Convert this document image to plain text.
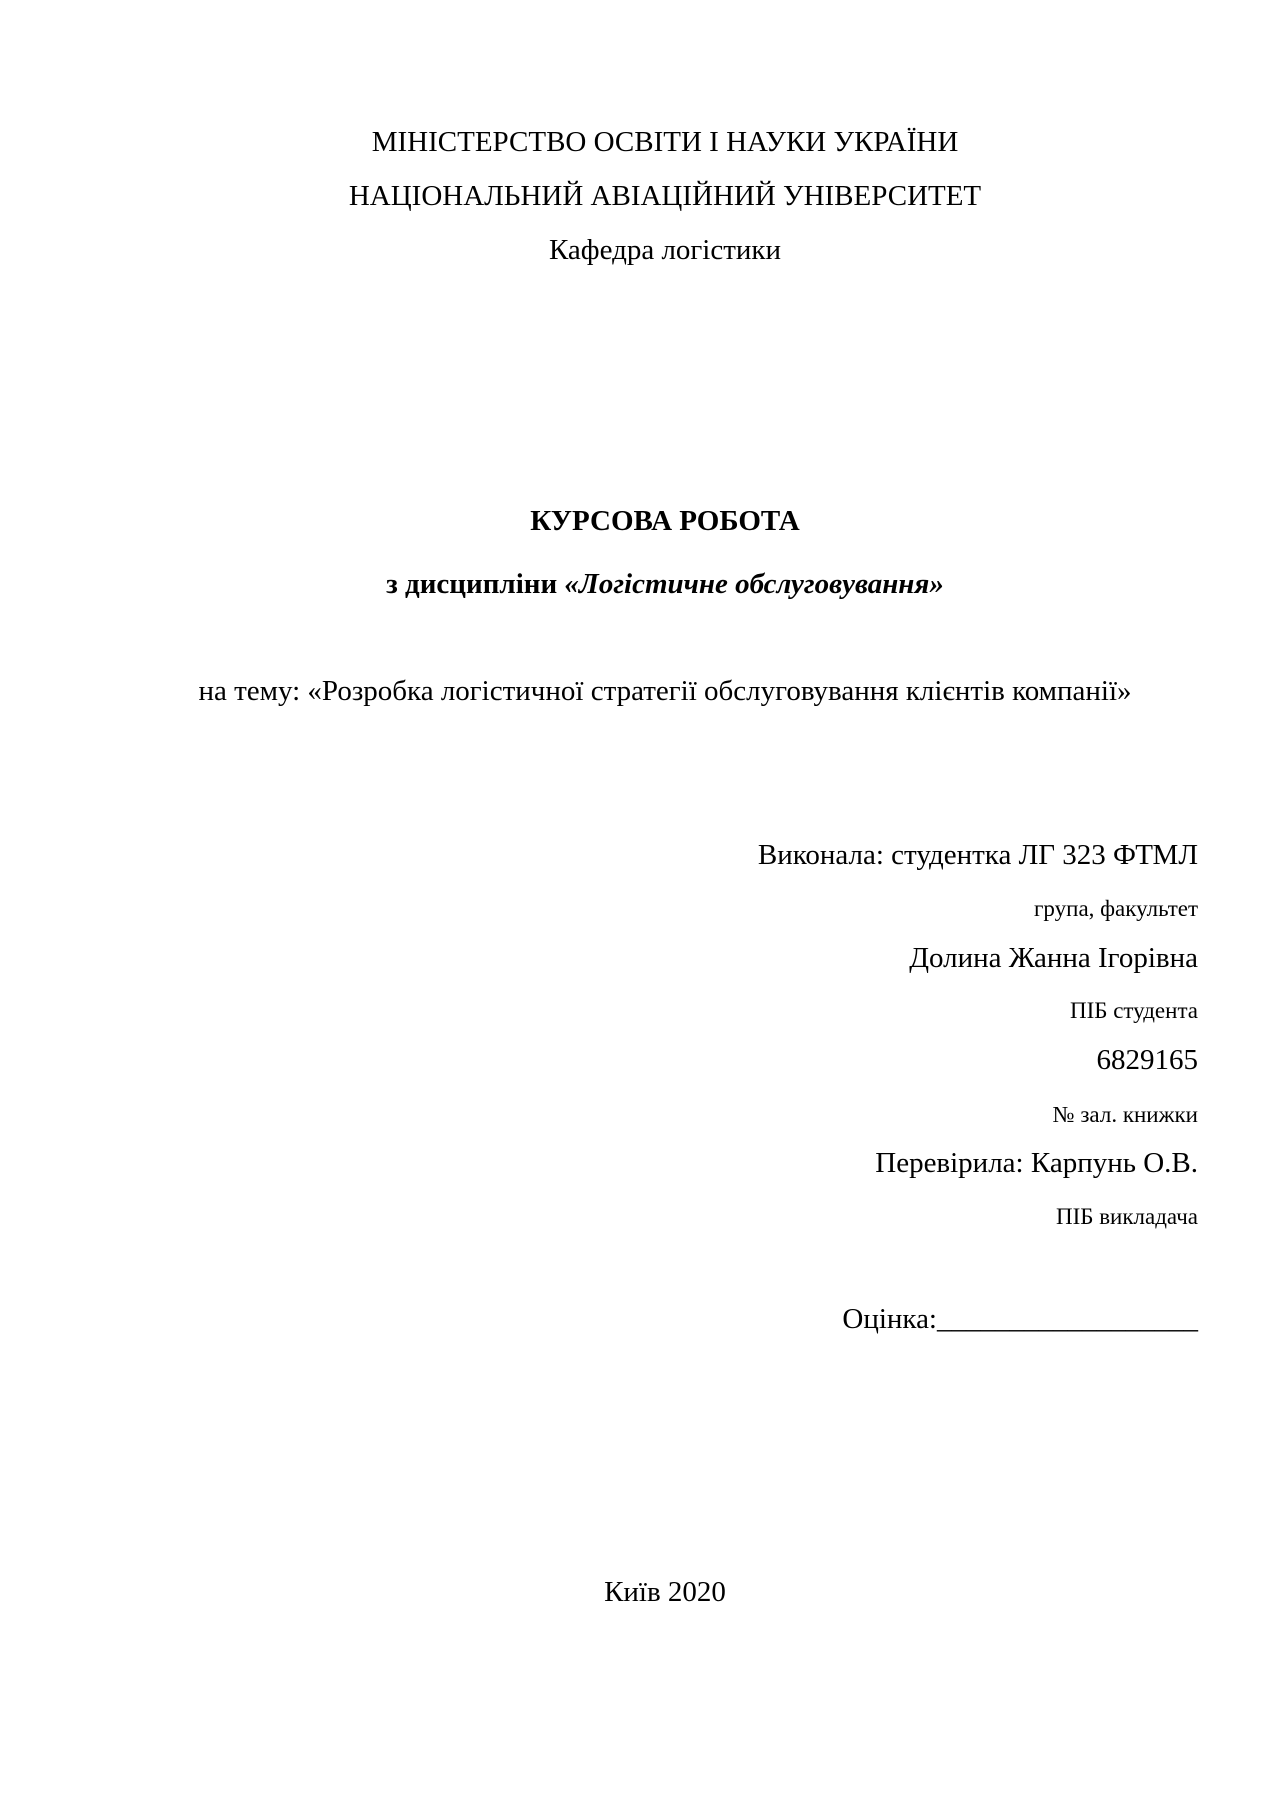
МІНІСТЕРСТВО ОСВІТИ І НАУКИ УКРАЇНИ
НАЦІОНАЛЬНИЙ АВІАЦІЙНИЙ УНІВЕРСИТЕТ
Кафедра логістики
КУРСОВА РОБОТА
з дисципліни «Логістичне обслуговування»
на тему: «Розробка логістичної стратегії обслуговування клієнтів компанії»
Виконала: студентка ЛГ 323 ФТМЛ
група, факультет
Долина Жанна Ігорівна
ПІБ студента
6829165
№ зал. книжки
Перевірила: Карпунь О.В.
ПІБ викладача
Оцінка:__________________
Київ 2020
